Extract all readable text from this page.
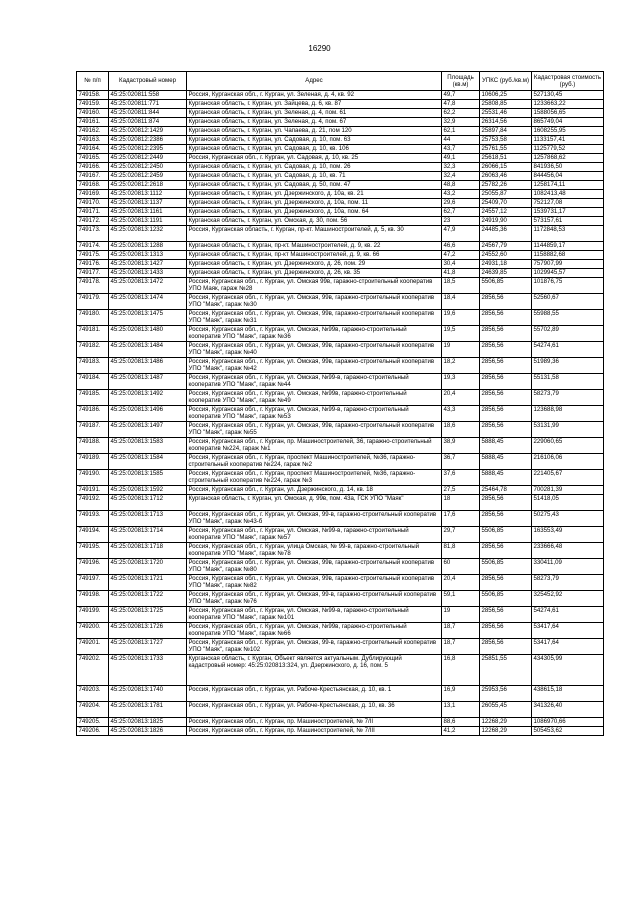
16290
№ п/п	Кадастровый номер	Адрес	Площадь (кв.м)	УПКС (руб./кв.м)	Кадастровая стоимость (руб.)
749158.	45:25:020811:558	Россия, Курганская обл., г. Курган, ул. Зеленая, д. 4, кв. 92	49,7	10606,25	527130,45
749159.	45:25:020811:771	Курганская область, г. Курган, ул. Зайцева, д. 6, кв. 87	47,8	25808,85	1233663,22
749160.	45:25:020811:844	Курганская область, г. Курган, ул. Зеленая, д. 4, пом. 61	62,2	25531,46	1588056,65
749161.	45:25:020811:874	Курганская область, г. Курган, ул. Зеленая, д. 4, пом. 67	32,9	26314,56	865749,04
749162.	45:25:020812:1429	Курганская область, г. Курган, ул. Чапаева, д. 21, пом 120	62,1	25897,84	1608255,95
749163.	45:25:020812:2386	Курганская область, г. Курган, ул. Садовая, д. 10, пом. 63	44	25753,58	1133157,41
749164.	45:25:020812:2395	Курганская область, г. Курган, ул. Садовая, д. 10, кв. 106	43,7	25761,55	1125779,52
749165.	45:25:020812:2449	Россия, Курганская обл., г. Курган, ул. Садовая, д. 10, кв. 25	49,1	25618,51	1257868,62
749166.	45:25:020812:2450	Курганская область, г. Курган, ул. Садовая, д. 10, пом. 26	32,3	26066,15	841936,50
749167.	45:25:020812:2459	Курганская область, г. Курган, ул. Садовая, д. 10, кв. 71	32,4	26063,46	844456,04
749168.	45:25:020812:2618	Курганская область, г. Курган, ул. Садовая, д. 50, пом. 47	48,8	25782,26	1258174,11
749169.	45:25:020813:1112	Курганская область, г. Курган, ул. Дзержинского, д. 10а, кв. 21	43,2	25055,87	1082413,48
749170.	45:25:020813:1137	Курганская область, г. Курган, ул. Дзержинского, д. 10а, пом. 11	29,6	25409,70	752127,08
749171.	45:25:020813:1161	Курганская область, г. Курган, ул. Дзержинского, д. 10а, пом. 64	62,7	24557,12	1539731,17
749172.	45:25:020813:1191	Курганская область, г. Курган, ул. Омская, д. 30, пом. 56	23	24919,90	573157,61
749173.	45:25:020813:1232	Россия, Курганская область, г. Курган, пр-кт. Машиностроителей, д. 5, кв. 30	47,9	24485,36	1172848,53
749174.	45:25:020813:1288	Курганская область, г. Курган, пр-кт. Машиностроителей, д. 9, кв. 22	46,6	24567,79	1144859,17
749175.	45:25:020813:1313	Курганская область, г. Курган, пр-кт Машиностроителей, д. 9, кв. 66	47,2	24552,60	1158882,68
749176.	45:25:020813:1427	Курганская область, г. Курган, ул. Дзержинского, д. 26, пом. 29	30,4	24931,18	757907,99
749177.	45:25:020813:1433	Курганская область, г. Курган, ул. Дзержинского, д. 26, кв. 35	41,8	24639,85	1029945,57
749178.	45:25:020813:1472	Россия, Курганская обл., г. Курган, ул. Омская 99в, гаражно-строительный кооператив УПО Маяк, гараж №28	18,5	5506,85	101876,75
749179.	45:25:020813:1474	Россия, Курганская обл., г. Курган, ул. Омская, 99в, гаражно-строительный кооператив УПО "Маяк", гараж №30	18,4	2856,56	52560,67
749180.	45:25:020813:1475	Россия, Курганская обл., г. Курган, ул. Омская, 99в, гаражно-строительный кооператив УПО "Маяк", гараж №31	19,6	2856,56	55988,55
749181.	45:25:020813:1480	Россия, Курганская обл., г. Курган, ул. Омская, №99в, гаражно-строительный кооператив УПО "Маяк", гараж №36	19,5	2856,56	55702,89
749182.	45:25:020813:1484	Россия, Курганская обл., г. Курган, ул. Омская, 99в, гаражно-строительный кооператив УПО "Маяк", гараж №40	19	2856,56	54274,61
749183.	45:25:020813:1486	Россия, Курганская обл., г. Курган, ул. Омская, 99в, гаражно-строительный кооператив УПО "Маяк", гараж №42	18,2	2856,56	51989,36
749184.	45:25:020813:1487	Россия, Курганская обл., г. Курган, ул. Омская, №99-в, гаражно-строительный кооператив УПО "Маяк", гараж №44	19,3	2856,56	55131,58
749185.	45:25:020813:1492	Россия, Курганская обл., г. Курган, ул. Омская, №99в, гаражно-строительный кооператив УПО "Маяк", гараж №49	20,4	2856,56	58273,79
749186.	45:25:020813:1496	Россия, Курганская обл., г. Курган, ул. Омская, №99-в, гаражно-строительный кооператив УПО "Маяк", гараж №53	43,3	2856,56	123688,98
749187.	45:25:020813:1497	Россия, Курганская обл., г. Курган, ул. Омская, 99в, гаражно-строительный кооператив УПО "Маяк", гараж №55	18,6	2856,56	53131,99
749188.	45:25:020813:1583	Россия, Курганская обл., г. Курган, пр. Машиностроителей, 36, гаражно-строительный кооператив №224, гараж №1	38,9	5888,45	229060,65
749189.	45:25:020813:1584	Россия, Курганская обл., г. Курган, проспект Машиностроителей, №36, гаражно-строительный кооператив №224, гараж №2	36,7	5888,45	216106,06
749190.	45:25:020813:1585	Россия, Курганская обл., г. Курган, проспект Машиностроителей, №36, гаражно-строительный кооператив №224, гараж №3	37,6	5888,45	221405,67
749191.	45:25:020813:1592	Россия, Курганская обл., г. Курган, ул. Дзержинского, д. 14, кв. 18	27,5	25464,78	700281,39
749192.	45:25:020813:1712	Курганская область, г. Курган, ул. Омская, д. 99в, пом. 43а, ГСК УПО "Маяк"	18	2856,56	51418,05
749193.	45:25:020813:1713	Россия, Курганская обл., г. Курган, ул. Омская, 99-в, гаражно-строительный кооператив УПО "Маяк", гараж №43-б	17,6	2856,56	50275,43
749194.	45:25:020813:1714	Россия, Курганская обл., г. Курган, ул. Омская, №99-в, гаражно-строительный кооператив УПО "Маяк", гараж №57	29,7	5506,85	163553,49
749195.	45:25:020813:1718	Россия, Курганская обл., г. Курган, улица Омская, № 99-в, гаражно-строительный кооператив УПО "Маяк", гараж №78	81,8	2856,56	233666,48
749196.	45:25:020813:1720	Россия, Курганская обл., г. Курган, ул. Омская, 99в, гаражно-строительный кооператив УПО "Маяк", гараж №80	60	5506,85	330411,09
749197.	45:25:020813:1721	Россия, Курганская обл., г. Курган, ул. Омская, 99в, гаражно-строительный кооператив УПО "Маяк", гараж №82	20,4	2856,56	58273,79
749198.	45:25:020813:1722	Россия, Курганская обл., г. Курган, ул. Омская, 99-в, гаражно-строительный кооператив УПО "Маяк", гараж №76	59,1	5506,85	325452,92
749199.	45:25:020813:1725	Россия, Курганская обл., г. Курган, ул. Омская, №99-в, гаражно-строительный кооператив УПО "Маяк", гараж №101	19	2856,56	54274,61
749200.	45:25:020813:1726	Россия, Курганская обл., г. Курган, ул. Омская, №99в, гаражно-строительный кооператив УПО "Маяк", гараж №66	18,7	2856,56	53417,64
749201.	45:25:020813:1727	Россия, Курганская обл., г. Курган, ул. Омская, 99-в, гаражно-строительный кооператив УПО "Маяк", гараж №102	18,7	2856,56	53417,64
749202.	45:25:020813:1733	Курганская область, г. Курган, Объект является актуальным. Дублирующий кадастровый номер: 45:25:020813:324, ул. Дзержинского, д. 16, пом. 5	16,8	25851,55	434305,99
749203.	45:25:020813:1740	Россия, Курганская обл., г. Курган, ул. Рабоче-Крестьянская, д. 10, кв. 1	16,9	25953,56	438615,18
749204.	45:25:020813:1781	Россия, Курганская обл., г. Курган, ул. Рабоче-Крестьянская, д. 10, кв. 36	13,1	26055,45	341326,40
749205.	45:25:020813:1825	Россия, Курганская обл., г. Курган, пр. Машиностроителей, № 7/II	88,6	12268,29	1086970,66
749206.	45:25:020813:1826	Россия, Курганская обл., г. Курган, пр. Машиностроителей, № 7/III	41,2	12268,29	505453,62
